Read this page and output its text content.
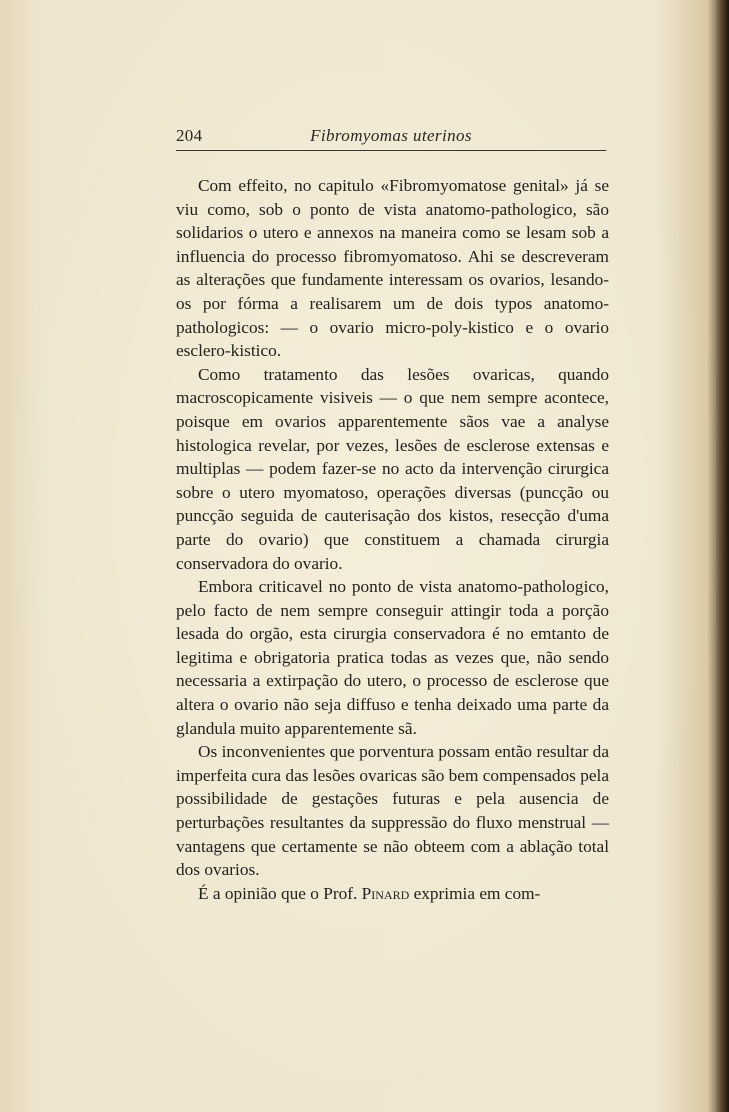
204	Fibromyomas uterinos

Com effeito, no capitulo «Fibromyomatose genital» já se viu como, sob o ponto de vista anatomo-pathologico, são solidarios o utero e annexos na maneira como se lesam sob a influencia do processo fibromyomatoso. Ahi se descreveram as alterações que fundamente interessam os ovarios, lesando-os por fórma a realisarem um de dois typos anatomo-pathologicos: — o ovario micro-poly-kistico e o ovario esclero-kistico.

Como tratamento das lesões ovaricas, quando macroscopicamente visiveis — o que nem sempre acontece, poisque em ovarios apparentemente sãos vae a analyse histologica revelar, por vezes, lesões de esclerose extensas e multiplas — podem fazer-se no acto da intervenção cirurgica sobre o utero myomatoso, operações diversas (puncção ou puncção seguida de cauterisação dos kistos, resecção d'uma parte do ovario) que constituem a chamada cirurgia conservadora do ovario.

Embora criticavel no ponto de vista anatomo-pathologico, pelo facto de nem sempre conseguir attingir toda a porção lesada do orgão, esta cirurgia conservadora é no emtanto de legitima e obrigatoria pratica todas as vezes que, não sendo necessaria a extirpação do utero, o processo de esclerose que altera o ovario não seja diffuso e tenha deixado uma parte da glandula muito apparentemente sã.

Os inconvenientes que porventura possam então resultar da imperfeita cura das lesões ovaricas são bem compensados pela possibilidade de gestações futuras e pela ausencia de perturbações resultantes da suppressão do fluxo menstrual — vantagens que certamente se não obteem com a ablação total dos ovarios.

É a opinião que o Prof. Pinard exprimia em com-
